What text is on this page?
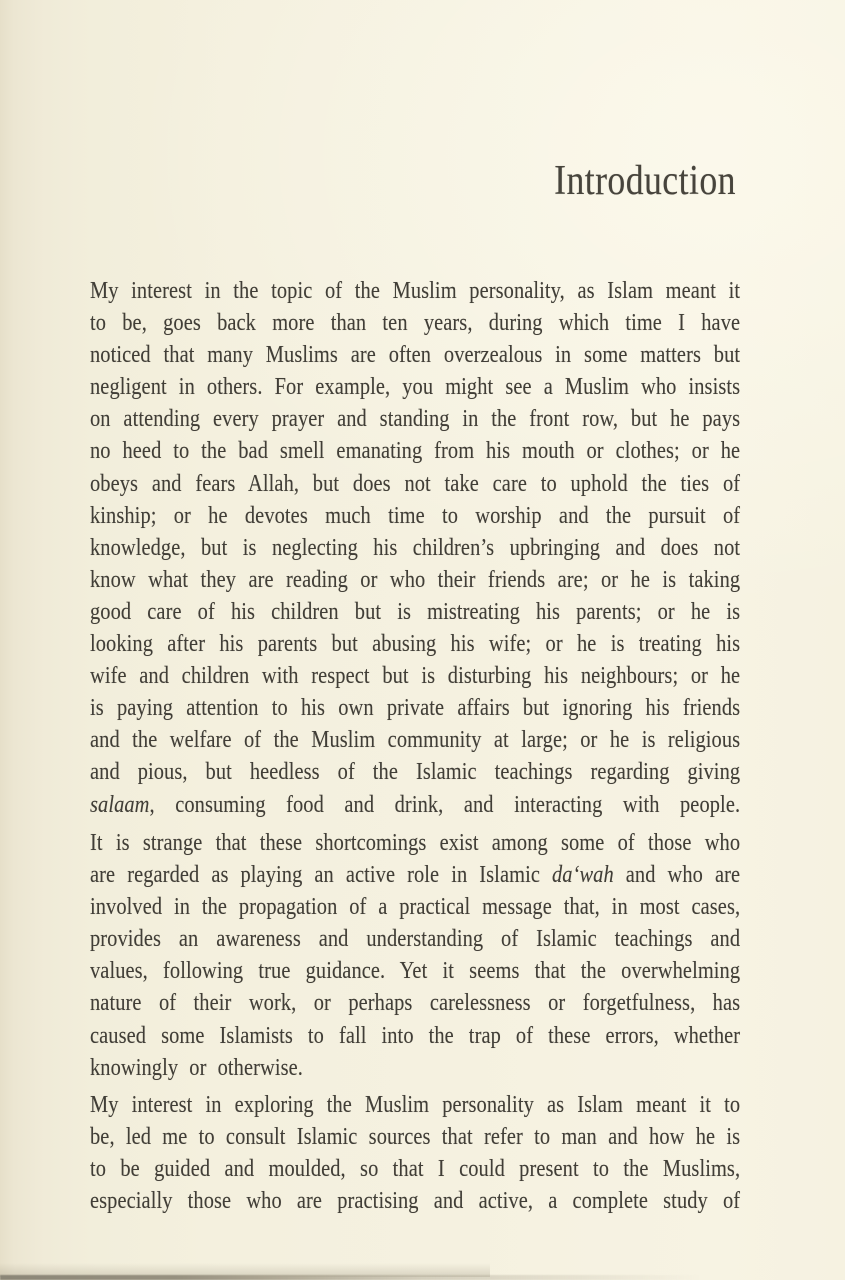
Introduction
My interest in the topic of the Muslim personality, as Islam meant it
to be, goes back more than ten years, during which time I have
noticed that many Muslims are often overzealous in some matters but
negligent in others. For example, you might see a Muslim who insists
on attending every prayer and standing in the front row, but he pays
no heed to the bad smell emanating from his mouth or clothes; or he
obeys and fears Allah, but does not take care to uphold the ties of
kinship; or he devotes much time to worship and the pursuit of
knowledge, but is neglecting his children’s upbringing and does not
know what they are reading or who their friends are; or he is taking
good care of his children but is mistreating his parents; or he is
looking after his parents but abusing his wife; or he is treating his
wife and children with respect but is disturbing his neighbours; or he
is paying attention to his own private affairs but ignoring his friends
and the welfare of the Muslim community at large; or he is religious
and pious, but heedless of the Islamic teachings regarding giving
salaam, consuming food and drink, and interacting with people.
It is strange that these shortcomings exist among some of those who
are regarded as playing an active role in Islamic da‘wah and who are
involved in the propagation of a practical message that, in most cases,
provides an awareness and understanding of Islamic teachings and
values, following true guidance. Yet it seems that the overwhelming
nature of their work, or perhaps carelessness or forgetfulness, has
caused some Islamists to fall into the trap of these errors, whether
knowingly or otherwise.
My interest in exploring the Muslim personality as Islam meant it to
be, led me to consult Islamic sources that refer to man and how he is
to be guided and moulded, so that I could present to the Muslims,
especially those who are practising and active, a complete study of
